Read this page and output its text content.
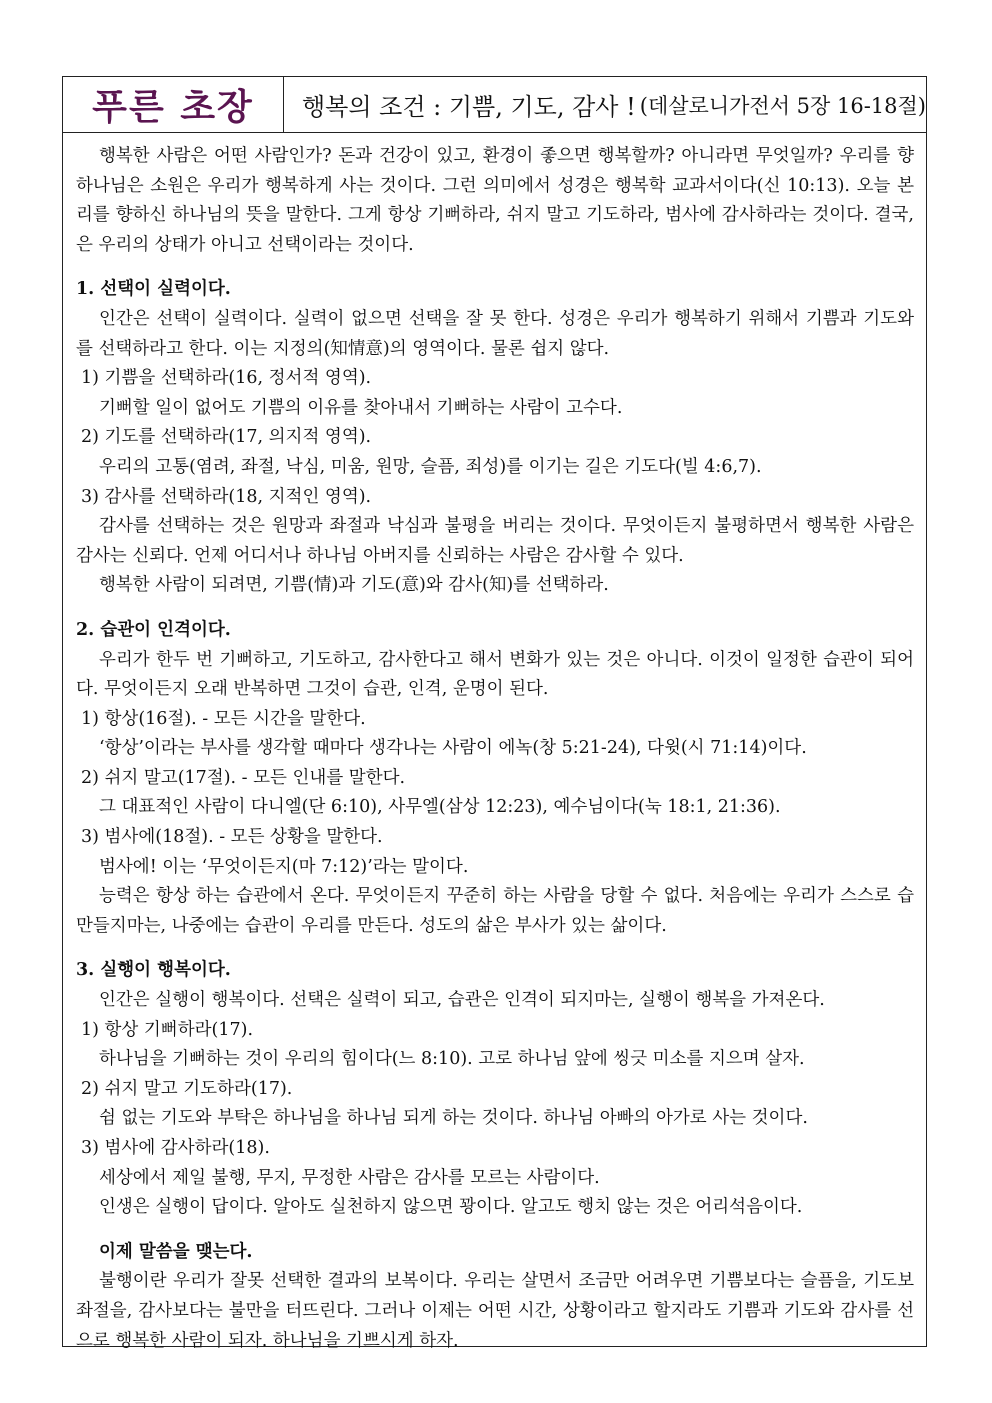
푸른 초장	행복의 조건 : 기쁨, 기도, 감사 ! (데살로니가전서 5장 16-18절)
행복한 사람은 어떤 사람인가? 돈과 건강이 있고, 환경이 좋으면 행복할까? 아니라면 무엇일까? 우리를 향
하나님은 소원은 우리가 행복하게 사는 것이다. 그런 의미에서 성경은 행복학 교과서이다(신 10:13). 오늘 본
리를 향하신 하나님의 뜻을 말한다. 그게 항상 기뻐하라, 쉬지 말고 기도하라, 범사에 감사하라는 것이다. 결국,
은 우리의 상태가 아니고 선택이라는 것이다.
1. 선택이 실력이다.
인간은 선택이 실력이다. 실력이 없으면 선택을 잘 못 한다. 성경은 우리가 행복하기 위해서 기쁨과 기도와
를 선택하라고 한다. 이는 지정의(知情意)의 영역이다. 물론 쉽지 않다.
1) 기쁨을 선택하라(16, 정서적 영역).
기뻐할 일이 없어도 기쁨의 이유를 찾아내서 기뻐하는 사람이 고수다.
2) 기도를 선택하라(17, 의지적 영역).
우리의 고통(염려, 좌절, 낙심, 미움, 원망, 슬픔, 죄성)를 이기는 길은 기도다(빌 4:6,7).
3) 감사를 선택하라(18, 지적인 영역).
감사를 선택하는 것은 원망과 좌절과 낙심과 불평을 버리는 것이다. 무엇이든지 불평하면서 행복한 사람은
감사는 신뢰다. 언제 어디서나 하나님 아버지를 신뢰하는 사람은 감사할 수 있다.
행복한 사람이 되려면, 기쁨(情)과 기도(意)와 감사(知)를 선택하라.
2. 습관이 인격이다.
우리가 한두 번 기뻐하고, 기도하고, 감사한다고 해서 변화가 있는 것은 아니다. 이것이 일정한 습관이 되어
다. 무엇이든지 오래 반복하면 그것이 습관, 인격, 운명이 된다.
1) 항상(16절). - 모든 시간을 말한다.
‘항상’이라는 부사를 생각할 때마다 생각나는 사람이 에녹(창 5:21-24), 다윗(시 71:14)이다.
2) 쉬지 말고(17절). - 모든 인내를 말한다.
그 대표적인 사람이 다니엘(단 6:10), 사무엘(삼상 12:23), 예수님이다(눅 18:1, 21:36).
3) 범사에(18절). - 모든 상황을 말한다.
범사에! 이는 ‘무엇이든지(마 7:12)’라는 말이다.
능력은 항상 하는 습관에서 온다. 무엇이든지 꾸준히 하는 사람을 당할 수 없다. 처음에는 우리가 스스로 습
만들지마는, 나중에는 습관이 우리를 만든다. 성도의 삶은 부사가 있는 삶이다.
3. 실행이 행복이다.
인간은 실행이 행복이다. 선택은 실력이 되고, 습관은 인격이 되지마는, 실행이 행복을 가져온다.
1) 항상 기뻐하라(17).
하나님을 기뻐하는 것이 우리의 힘이다(느 8:10). 고로 하나님 앞에 씽긋 미소를 지으며 살자.
2) 쉬지 말고 기도하라(17).
쉼 없는 기도와 부탁은 하나님을 하나님 되게 하는 것이다. 하나님 아빠의 아가로 사는 것이다.
3) 범사에 감사하라(18).
세상에서 제일 불행, 무지, 무정한 사람은 감사를 모르는 사람이다.
인생은 실행이 답이다. 알아도 실천하지 않으면 꽝이다. 알고도 행치 않는 것은 어리석음이다.
이제 말씀을 맺는다.
불행이란 우리가 잘못 선택한 결과의 보복이다. 우리는 살면서 조금만 어려우면 기쁨보다는 슬픔을, 기도보
좌절을, 감사보다는 불만을 터뜨린다. 그러나 이제는 어떤 시간, 상황이라고 할지라도 기쁨과 기도와 감사를 선
으로 행복한 사람이 되자. 하나님을 기쁘시게 하자.
